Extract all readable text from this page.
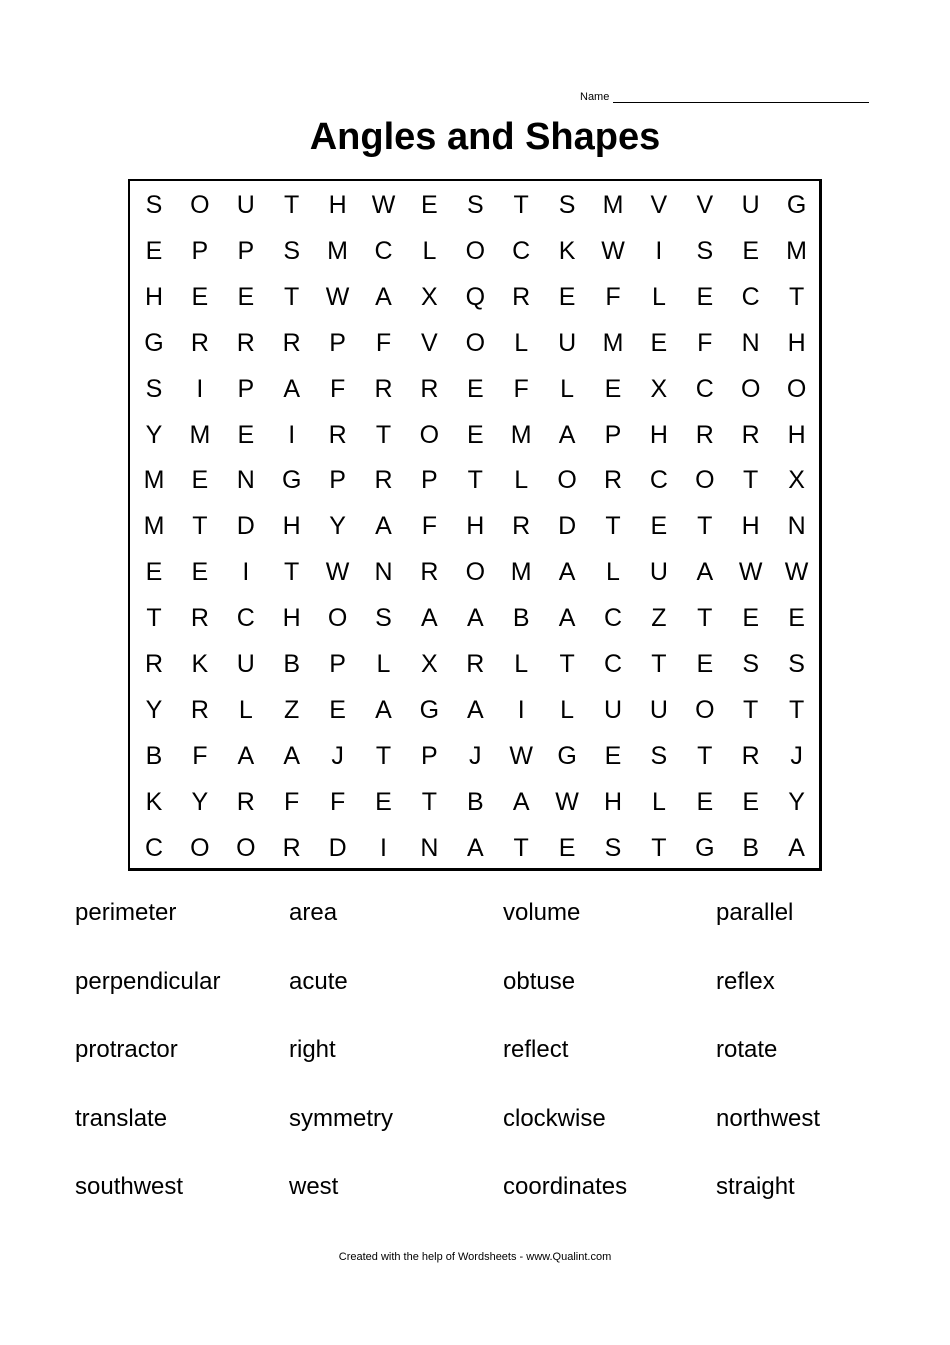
Name
Angles and Shapes
S	O	U	T	H	W	E	S	T	S	M	V	V	U	G
E	P	P	S	M	C	L	O	C	K	W	I	S	E	M
H	E	E	T	W	A	X	Q	R	E	F	L	E	C	T
G	R	R	R	P	F	V	O	L	U	M	E	F	N	H
S	I	P	A	F	R	R	E	F	L	E	X	C	O	O
Y	M	E	I	R	T	O	E	M	A	P	H	R	R	H
M	E	N	G	P	R	P	T	L	O	R	C	O	T	X
M	T	D	H	Y	A	F	H	R	D	T	E	T	H	N
E	E	I	T	W	N	R	O	M	A	L	U	A	W W
T	R	C	H	O	S	A	A	B	A	C	Z	T	E	E
R	K	U	B	P	L	X	R	L	T	C	T	E	S	S
Y	R	L	Z	E	A	G	A	I	L	U	U	O	T	T
B	F	A	A	J	T	P	J	W G	E	S	T	R	J
K	Y	R	F	F	E	T	B	A	W	H	L	E	E	Y
C	O	O	R	D	I	N	A	T	E	S	T	G	B	A
perimeter	area	volume	parallel
perpendicular	acute	obtuse	reflex
protractor	right	reflect	rotate
translate	symmetry	clockwise	northwest
southwest	west	coordinates	straight
Created with the help of Wordsheets - www.Qualint.com
